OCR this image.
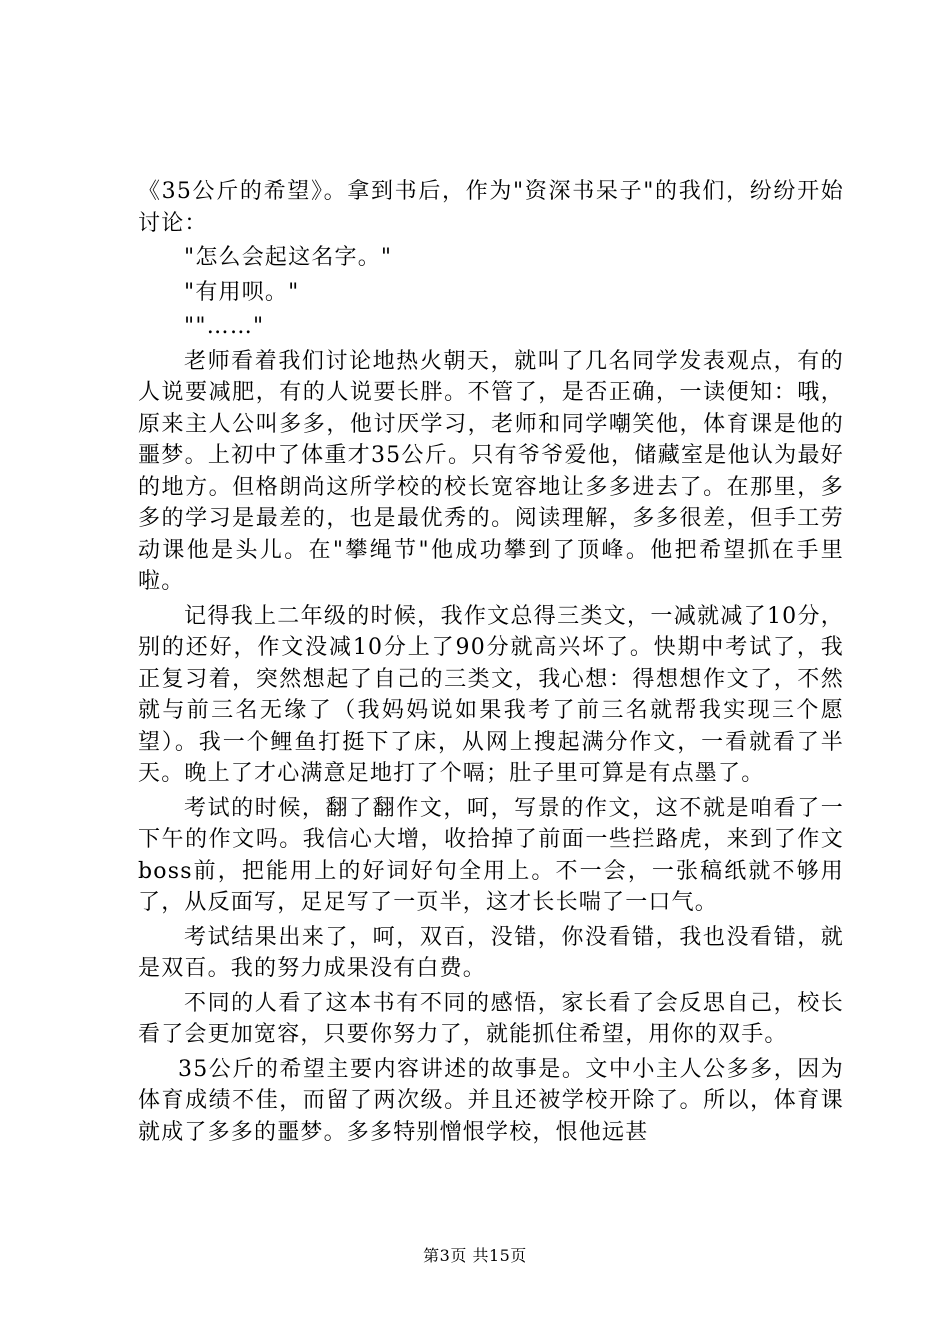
《35公斤的希望》。拿到书后，作为"资深书呆子"的我们，纷纷开始讨论：

"怎么会起这名字。"

"有用呗。"

""……"

老师看着我们讨论地热火朝天，就叫了几名同学发表观点，有的人说要减肥，有的人说要长胖。不管了，是否正确，一读便知：哦，原来主人公叫多多，他讨厌学习，老师和同学嘲笑他，体育课是他的噩梦。上初中了体重才35公斤。只有爷爷爱他，储藏室是他认为最好的地方。但格朗尚这所学校的校长宽容地让多多进去了。在那里，多多的学习是最差的，也是最优秀的。阅读理解，多多很差，但手工劳动课他是头儿。在"攀绳节"他成功攀到了顶峰。他把希望抓在手里啦。

记得我上二年级的时候，我作文总得三类文，一减就减了10分，别的还好，作文没减10分上了90分就高兴坏了。快期中考试了，我正复习着，突然想起了自己的三类文，我心想：得想想作文了，不然就与前三名无缘了（我妈妈说如果我考了前三名就帮我实现三个愿望）。我一个鲤鱼打挺下了床，从网上搜起满分作文，一看就看了半天。晚上了才心满意足地打了个嗝；肚子里可算是有点墨了。

考试的时候，翻了翻作文，呵，写景的作文，这不就是咱看了一下午的作文吗。我信心大增，收拾掉了前面一些拦路虎，来到了作文boss前，把能用上的好词好句全用上。不一会，一张稿纸就不够用了，从反面写，足足写了一页半，这才长长喘了一口气。

考试结果出来了，呵，双百，没错，你没看错，我也没看错，就是双百。我的努力成果没有白费。

不同的人看了这本书有不同的感悟，家长看了会反思自己，校长看了会更加宽容，只要你努力了，就能抓住希望，用你的双手。

35公斤的希望主要内容讲述的故事是。文中小主人公多多，因为体育成绩不佳，而留了两次级。并且还被学校开除了。所以，体育课就成了多多的噩梦。多多特别憎恨学校，恨他远甚

第3页 共15页
